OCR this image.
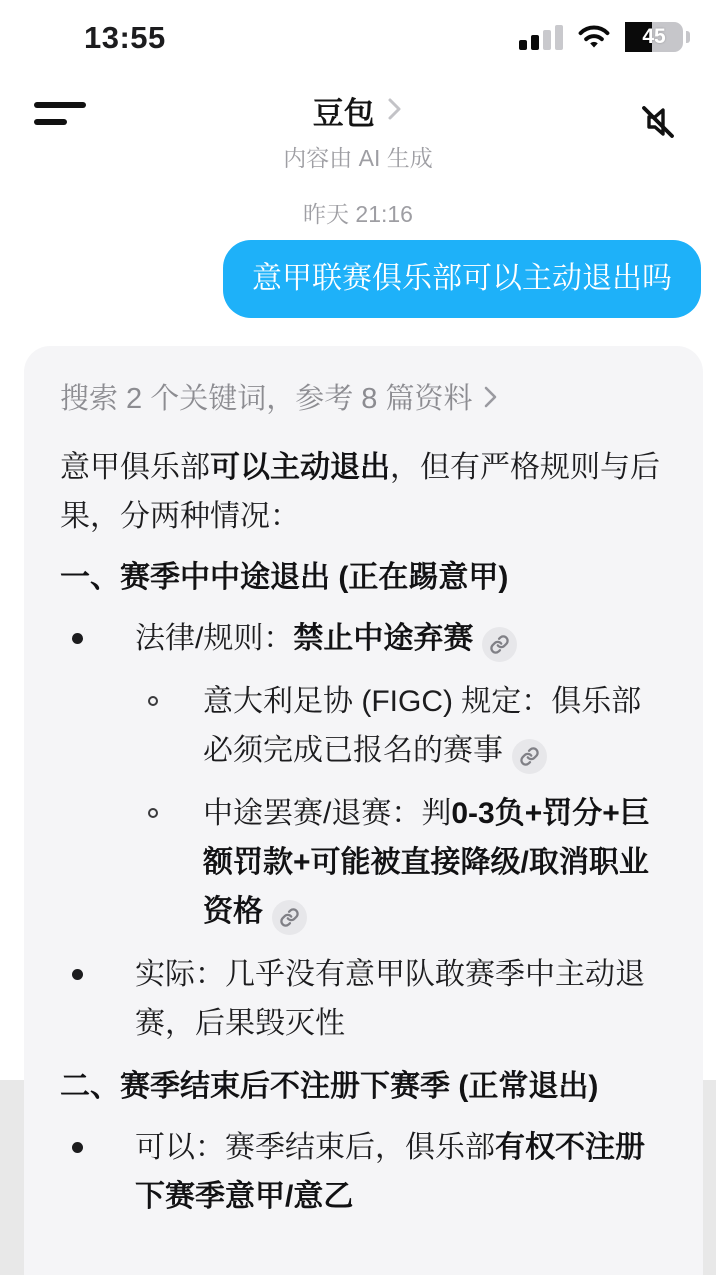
13:55	45
豆包
内容由 AI 生成
昨天 21:16
意甲联赛俱乐部可以主动退出吗
搜索 2 个关键词，参考 8 篇资料
意甲俱乐部可以主动退出，但有严格规则与后果，分两种情况：
一、赛季中中途退出 (正在踢意甲)
法律/规则：禁止中途弃赛
意大利足协 (FIGC) 规定：俱乐部必须完成已报名的赛事
中途罢赛/退赛：判0-3负+罚分+巨额罚款+可能被直接降级/取消职业资格
实际：几乎没有意甲队敢赛季中主动退赛，后果毁灭性
二、赛季结束后不注册下赛季 (正常退出)
可以：赛季结束后，俱乐部有权不注册下赛季意甲/意乙
